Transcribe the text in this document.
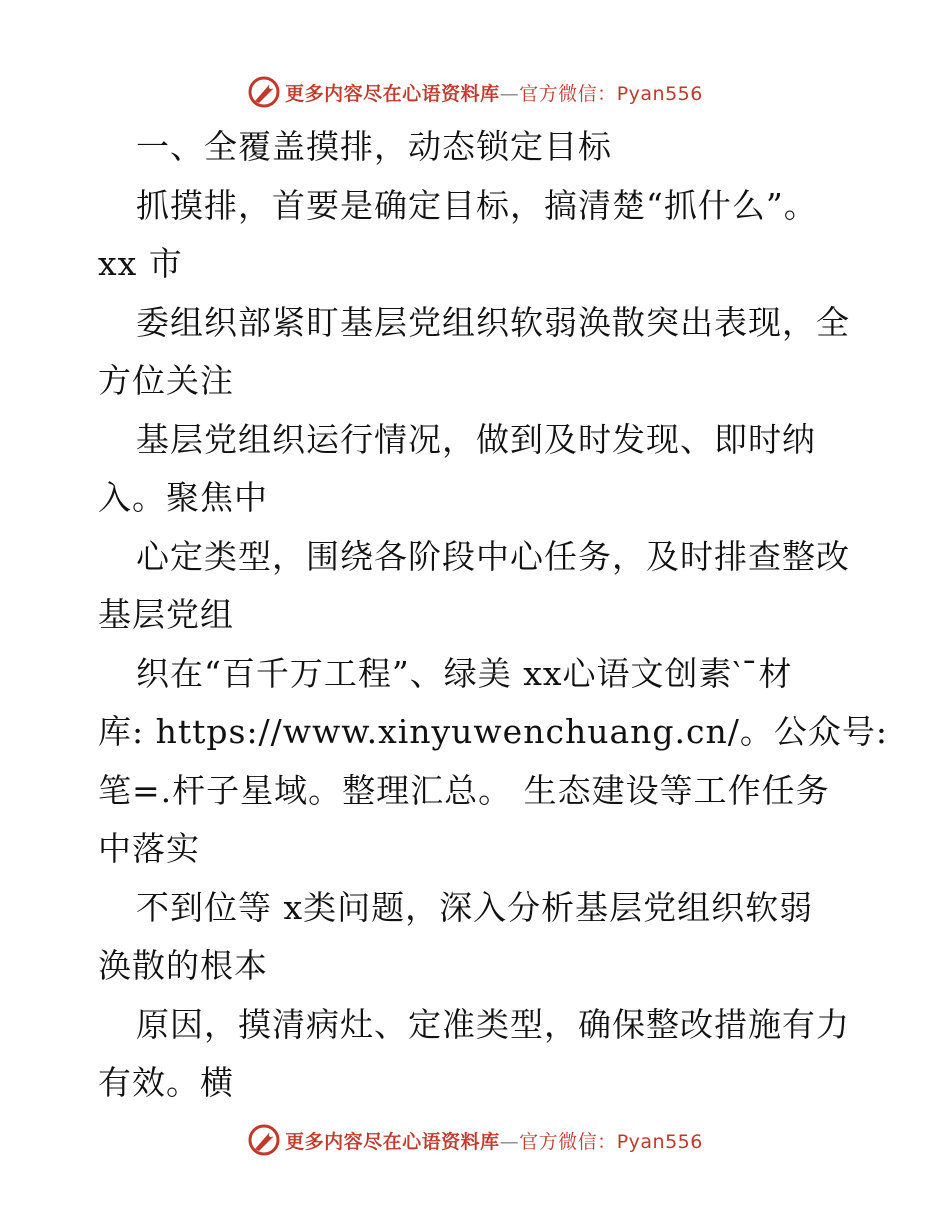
更多内容尽在心语资料库—官方微信：Pyan556
一、全覆盖摸排，动态锁定目标
抓摸排，首要是确定目标，搞清楚“抓什么”。
xx 市
委组织部紧盯基层党组织软弱涣散突出表现，全
方位关注
基层党组织运行情况，做到及时发现、即时纳
入。聚焦中
心定类型，围绕各阶段中心任务，及时排查整改
基层党组
织在“百千万工程”、绿美 xx心语文创素‵¯材
库: https://www.xinyuwenchuang.cn/。公众号:
笔=.杆子星域。整理汇总。 生态建设等工作任务
中落实
不到位等 x类问题，深入分析基层党组织软弱
涣散的根本
原因，摸清病灶、定准类型，确保整改措施有力
有效。横
更多内容尽在心语资料库—官方微信：Pyan556
